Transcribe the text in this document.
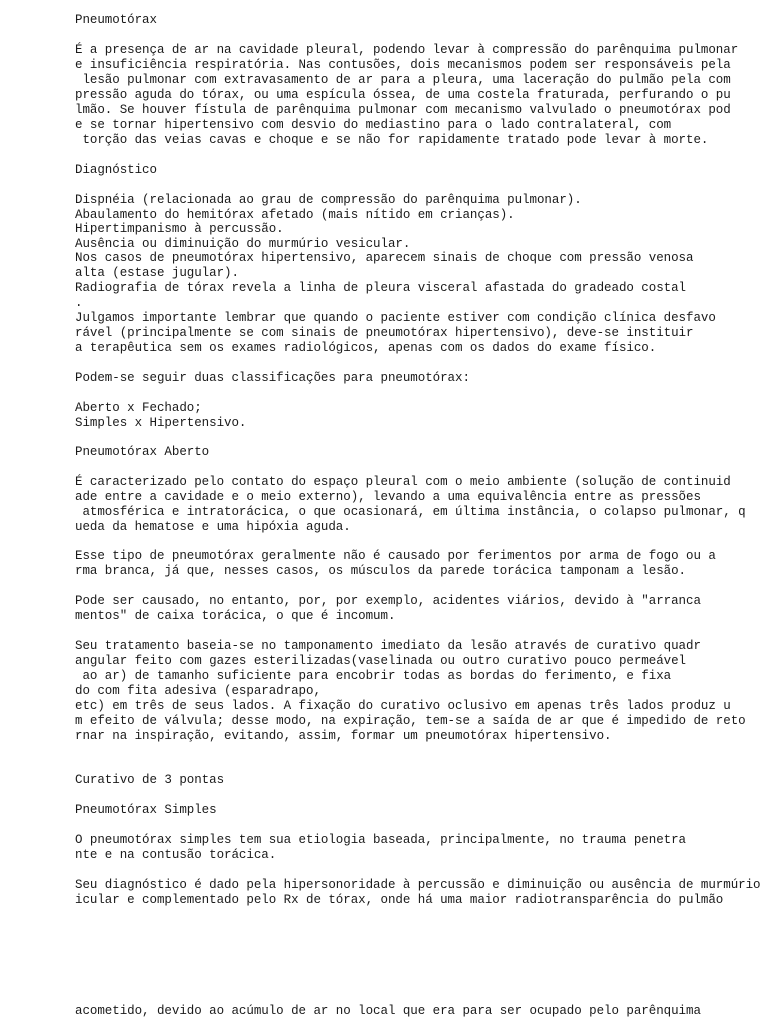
Pneumotórax

É a presença de ar na cavidade pleural, podendo levar à compressão do parênquima pulmonar

e insuficiência respiratória. Nas contusões, dois mecanismos podem ser responsáveis pela

lesão pulmonar com extravasamento de ar para a pleura, uma laceração do pulmão pela com

pressão aguda do tórax, ou uma espícula óssea, de uma costela fraturada, perfurando o pu

lmão. Se houver fístula de parênquima pulmonar com mecanismo valvulado o pneumotórax pod

e se tornar hipertensivo com desvio do mediastino para o lado contralateral, com

torção das veias cavas e choque e se não for rapidamente tratado pode levar à morte.

Diagnóstico

Dispnéia (relacionada ao grau de compressão do parênquima pulmonar).

Abaulamento do hemitórax afetado (mais nítido em crianças).

Hipertimpanismo à percussão.

Ausência ou diminuição do murmúrio vesicular.

Nos casos de pneumotórax hipertensivo, aparecem sinais de choque com pressão venosa

alta (estase jugular).

Radiografia de tórax revela a linha de pleura visceral afastada do gradeado costal

.

Julgamos importante lembrar que quando o paciente estiver com condição clínica desfavo

rável (principalmente se com sinais de pneumotórax hipertensivo), deve-se instituir

a terapêutica sem os exames radiológicos, apenas com os dados do exame físico.

Podem-se seguir duas classificações para pneumotórax:

Aberto x Fechado;

Simples x Hipertensivo.

Pneumotórax Aberto

É caracterizado pelo contato do espaço pleural com o meio ambiente (solução de continuid

ade entre a cavidade e o meio externo), levando a uma equivalência entre as pressões

atmosférica e intratorácica, o que ocasionará, em última instância, o colapso pulmonar, q

ueda da hematose e uma hipóxia aguda.

Esse tipo de pneumotórax geralmente não é causado por ferimentos por arma de fogo ou a

rma branca, já que, nesses casos, os músculos da parede torácica tamponam a lesão.

Pode ser causado, no entanto, por, por exemplo, acidentes viários, devido à "arranca

mentos" de caixa torácica, o que é incomum.

Seu tratamento baseia-se no tamponamento imediato da lesão através de curativo quadr

angular feito com gazes esterilizadas(vaselinada ou outro curativo pouco permeável

ao ar) de tamanho suficiente para encobrir todas as bordas do ferimento, e fixa

do com fita adesiva (esparadrapo,

etc) em três de seus lados. A fixação do curativo oclusivo em apenas três lados produz u

m efeito de válvula; desse modo, na expiração, tem-se a saída de ar que é impedido de reto

rnar na inspiração, evitando, assim, formar um pneumotórax hipertensivo.

Curativo de 3 pontas

Pneumotórax Simples

O pneumotórax simples tem sua etiologia baseada, principalmente, no trauma penetra

nte e na contusão torácica.

Seu diagnóstico é dado pela hipersonoridade à percussão e diminuição ou ausência de murmúrio

icular e complementado pelo Rx de tórax, onde há uma maior radiotransparência do pulmão

acometido, devido ao acúmulo de ar no local que era para ser ocupado pelo parênquima
